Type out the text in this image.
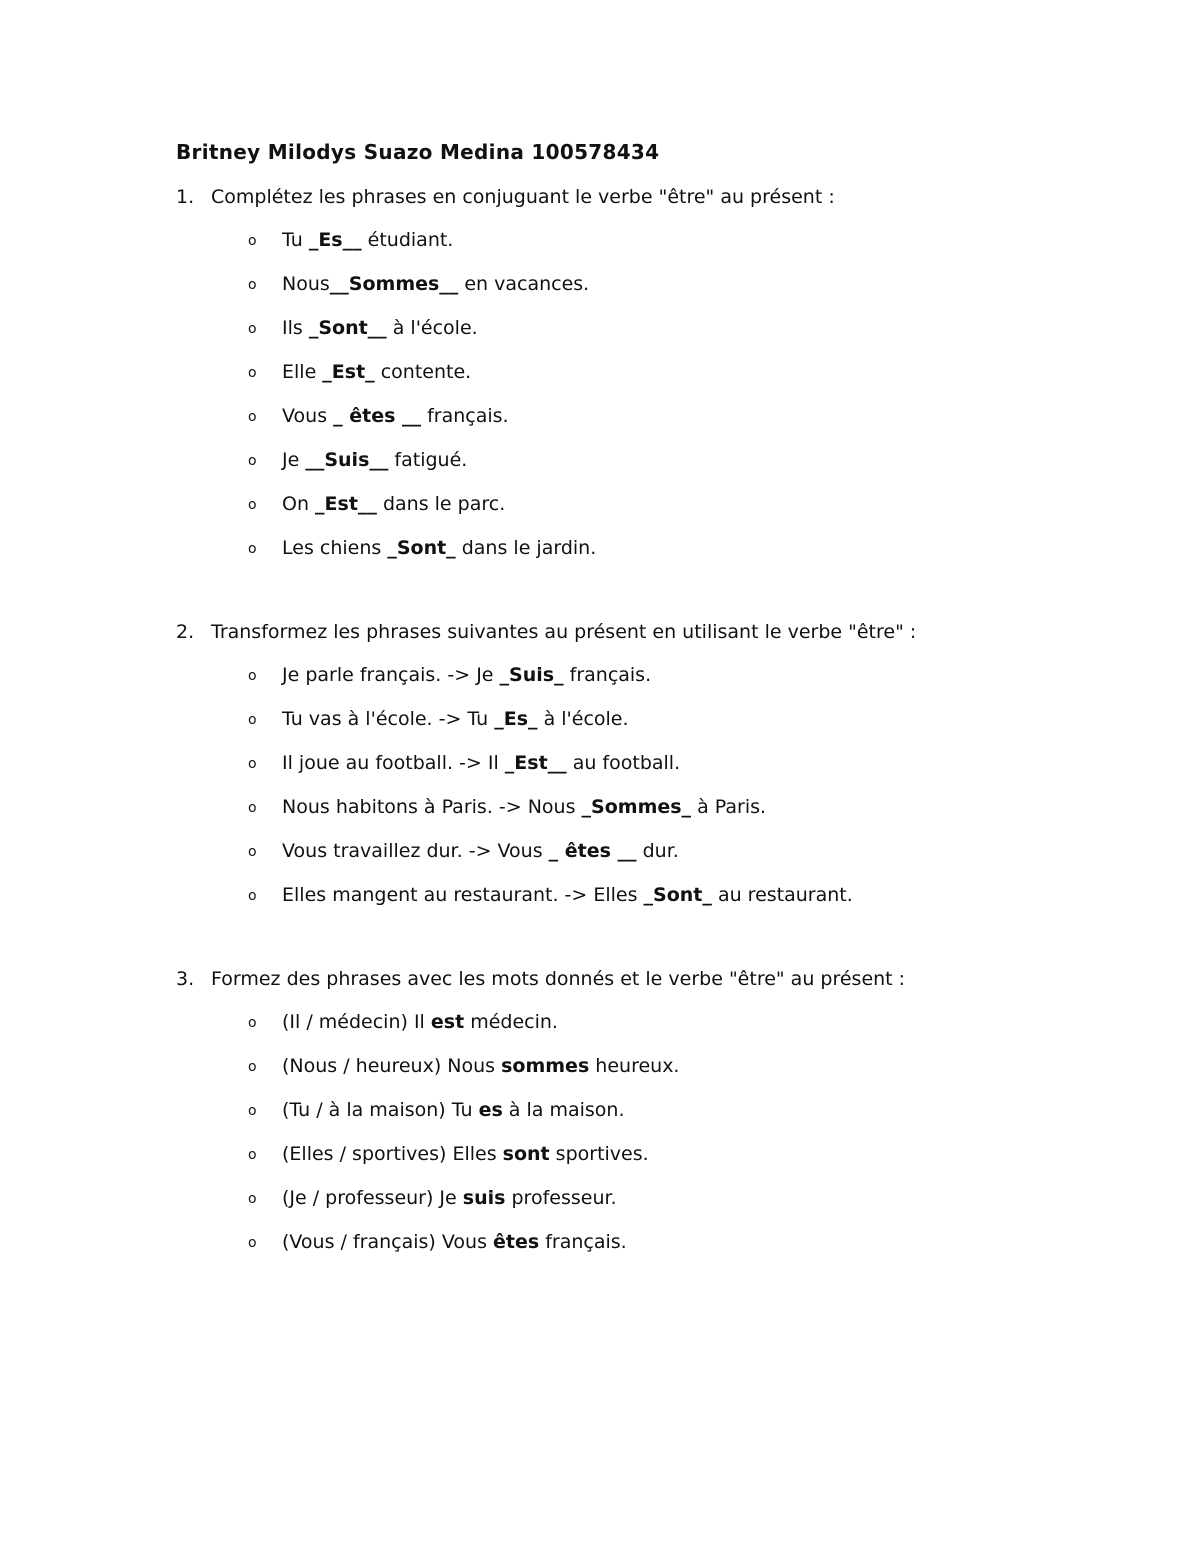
Britney Milodys Suazo Medina 100578434
1. Complétez les phrases en conjuguant le verbe "être" au présent :
o Tu _Es__ étudiant.
o Nous__Sommes__ en vacances.
o Ils _Sont__ à l'école.
o Elle _Est_ contente.
o Vous _ êtes __ français.
o Je __Suis__ fatigué.
o On _Est__ dans le parc.
o Les chiens _Sont_ dans le jardin.
2. Transformez les phrases suivantes au présent en utilisant le verbe "être" :
o Je parle français. -> Je _Suis_ français.
o Tu vas à l'école. -> Tu _Es_ à l'école.
o Il joue au football. -> Il _Est__ au football.
o Nous habitons à Paris. -> Nous _Sommes_ à Paris.
o Vous travaillez dur. -> Vous _ êtes __ dur.
o Elles mangent au restaurant. -> Elles _Sont_ au restaurant.
3. Formez des phrases avec les mots donnés et le verbe "être" au présent :
o (Il / médecin) Il est médecin.
o (Nous / heureux) Nous sommes heureux.
o (Tu / à la maison) Tu es à la maison.
o (Elles / sportives) Elles sont sportives.
o (Je / professeur) Je suis professeur.
o (Vous / français) Vous êtes français.
